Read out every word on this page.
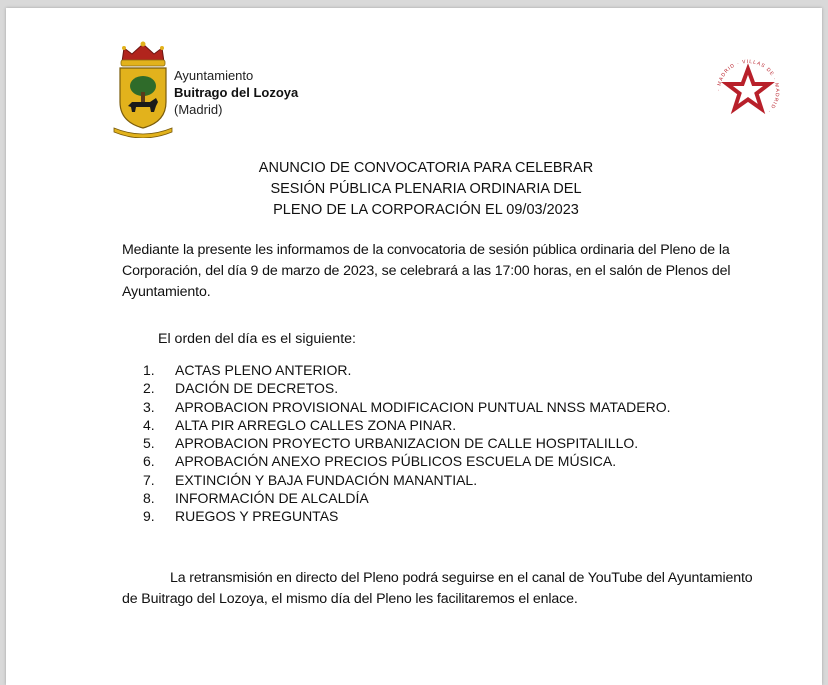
Ayuntamiento
Buitrago del Lozoya
(Madrid)
· MADRID · VILLAS DE · MADRID ·
ANUNCIO DE CONVOCATORIA PARA CELEBRAR
SESIÓN PÚBLICA PLENARIA ORDINARIA DEL
PLENO DE LA CORPORACIÓN EL 09/03/2023

Mediante la presente les informamos de la convocatoria de sesión pública ordinaria del Pleno de la Corporación, del día 9 de marzo de 2023, se celebrará a las 17:00 horas, en el salón de Plenos del Ayuntamiento.

El orden del día es el siguiente:

1.	ACTAS PLENO ANTERIOR.
2.	DACIÓN DE DECRETOS.
3.	APROBACION PROVISIONAL MODIFICACION PUNTUAL NNSS MATADERO.
4.	ALTA PIR ARREGLO CALLES ZONA PINAR.
5.	APROBACION PROYECTO URBANIZACION DE CALLE HOSPITALILLO.
6.	APROBACIÓN ANEXO PRECIOS PÚBLICOS ESCUELA DE MÚSICA.
7.	EXTINCIÓN Y BAJA FUNDACIÓN MANANTIAL.
8.	INFORMACIÓN DE ALCALDÍA
9.	RUEGOS Y PREGUNTAS

La retransmisión en directo del Pleno podrá seguirse en el canal de YouTube del Ayuntamiento de Buitrago del Lozoya, el mismo día del Pleno les facilitaremos el enlace.
